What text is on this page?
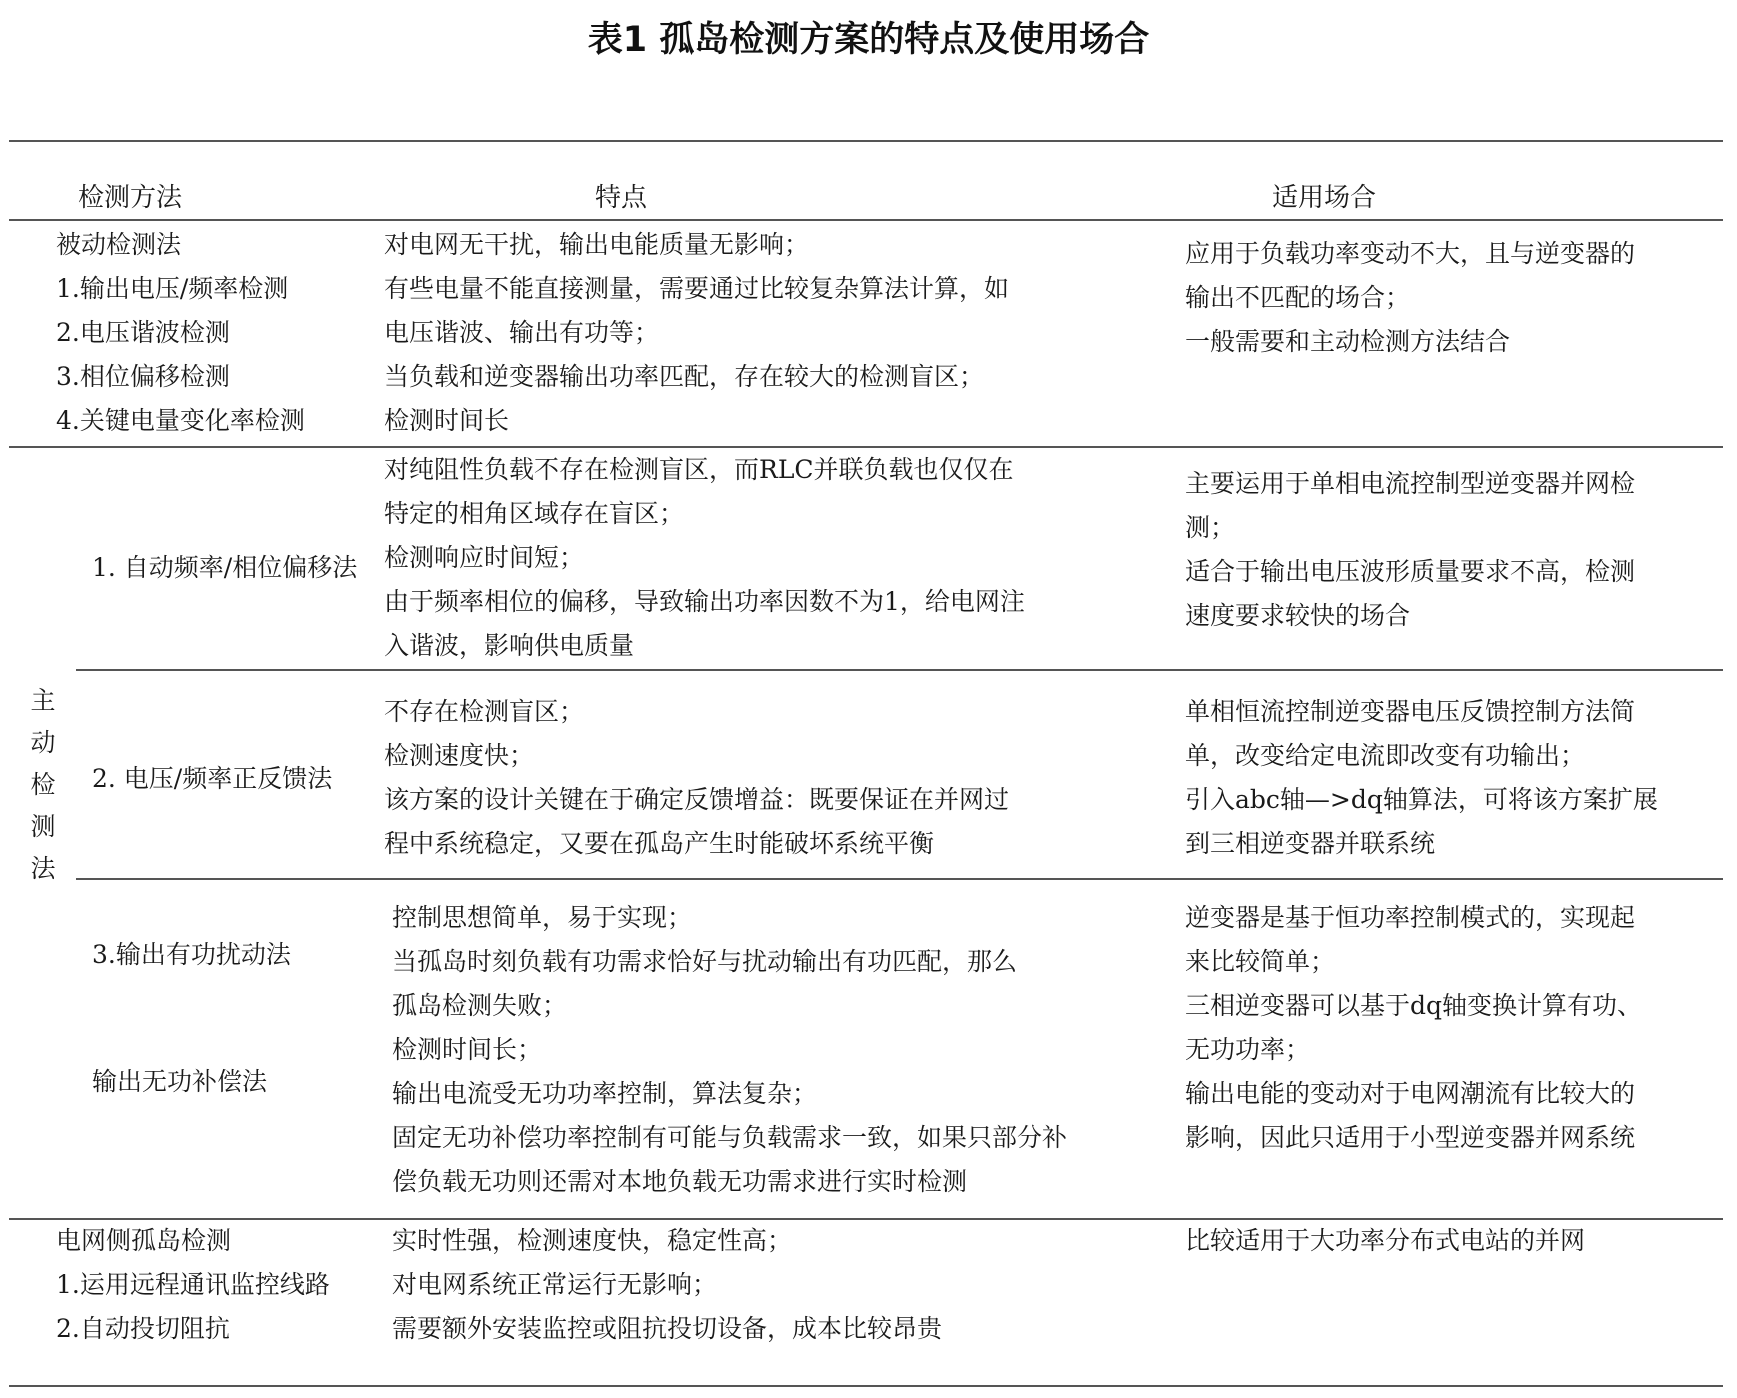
表1 孤岛检测方案的特点及使用场合
检测方法	特点	适用场合
被动检测法
1.输出电压/频率检测
2.电压谐波检测
3.相位偏移检测
4.关键电量变化率检测
对电网无干扰，输出电能质量无影响；
有些电量不能直接测量，需要通过比较复杂算法计算，如
电压谐波、输出有功等；
当负载和逆变器输出功率匹配，存在较大的检测盲区；
检测时间长
应用于负载功率变动不大，且与逆变器的
输出不匹配的场合；
一般需要和主动检测方法结合
主
动
检
测
法
1. 自动频率/相位偏移法
对纯阻性负载不存在检测盲区，而RLC并联负载也仅仅在
特定的相角区域存在盲区；
检测响应时间短；
由于频率相位的偏移，导致输出功率因数不为1，给电网注
入谐波，影响供电质量
主要运用于单相电流控制型逆变器并网检
测；
适合于输出电压波形质量要求不高，检测
速度要求较快的场合
2. 电压/频率正反馈法
不存在检测盲区；
检测速度快；
该方案的设计关键在于确定反馈增益：既要保证在并网过
程中系统稳定，又要在孤岛产生时能破坏系统平衡
单相恒流控制逆变器电压反馈控制方法简
单，改变给定电流即改变有功输出；
引入abc轴—>dq轴算法，可将该方案扩展
到三相逆变器并联系统
3.输出有功扰动法
输出无功补偿法
控制思想简单，易于实现；
当孤岛时刻负载有功需求恰好与扰动输出有功匹配，那么
孤岛检测失败；
检测时间长；
输出电流受无功功率控制，算法复杂；
固定无功补偿功率控制有可能与负载需求一致，如果只部分补
偿负载无功则还需对本地负载无功需求进行实时检测
逆变器是基于恒功率控制模式的，实现起
来比较简单；
三相逆变器可以基于dq轴变换计算有功、
无功功率；
输出电能的变动对于电网潮流有比较大的
影响，因此只适用于小型逆变器并网系统
电网侧孤岛检测
1.运用远程通讯监控线路
2.自动投切阻抗
实时性强，检测速度快，稳定性高；
对电网系统正常运行无影响；
需要额外安装监控或阻抗投切设备，成本比较昂贵
比较适用于大功率分布式电站的并网
